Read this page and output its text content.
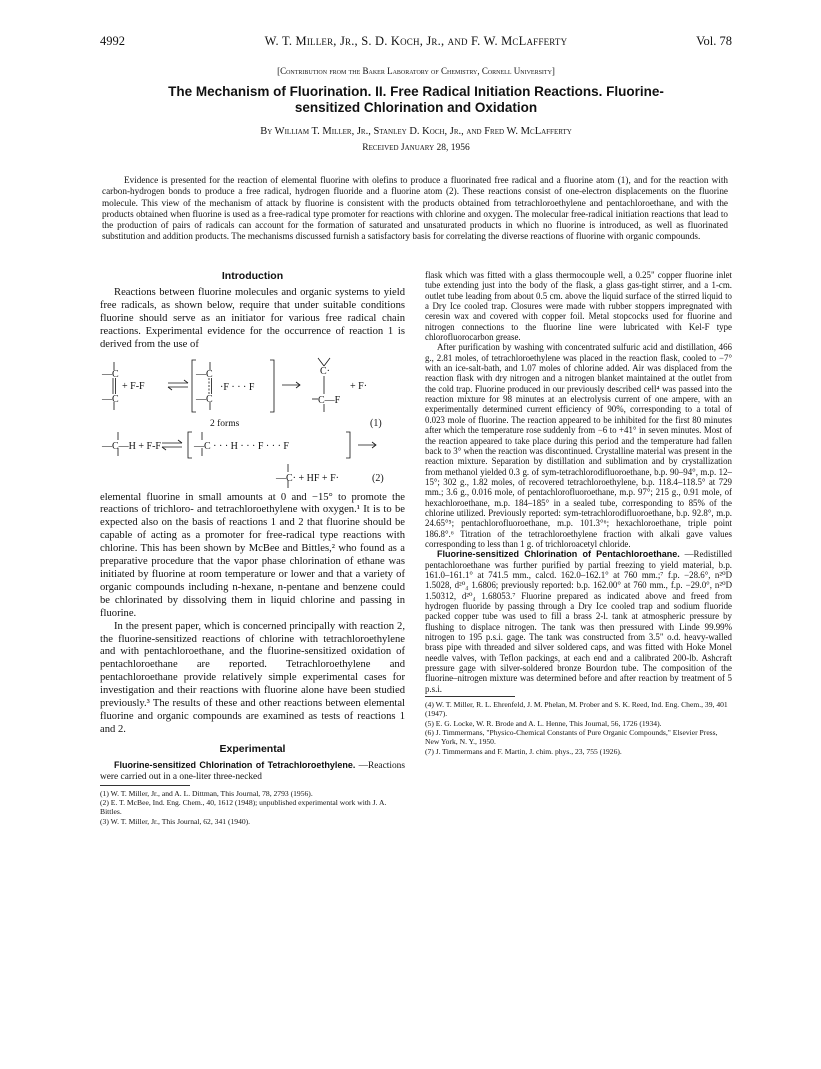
4992	W. T. Miller, Jr., S. D. Koch, Jr., and F. W. McLafferty	Vol. 78
[Contribution from the Baker Laboratory of Chemistry, Cornell University]
The Mechanism of Fluorination. II. Free Radical Initiation Reactions. Fluorine-
sensitized Chlorination and Oxidation
By William T. Miller, Jr., Stanley D. Koch, Jr., and Fred W. McLafferty
Received January 28, 1956

Evidence is presented for the reaction of elemental fluorine with olefins to produce a fluorinated free radical and a fluorine atom (1), and for the reaction with carbon-hydrogen bonds to produce a free radical, hydrogen fluoride and a fluorine atom (2). These reactions consist of one-electron displacements on the fluorine molecule. This view of the mechanism of attack by fluorine is consistent with the products obtained from tetrachloroethylene and pentachloroethane, and with the products obtained when fluorine is used as a free-radical type promoter for reactions with chlorine and oxygen. The molecular free-radical initiation reactions that lead to the production of pairs of radicals can account for the formation of saturated and unsaturated products in which no fluorine is introduced, as well as fluorinated substitution and addition products. The mechanisms discussed furnish a satisfactory basis for correlating the diverse reactions of fluorine with organic compounds.

Introduction

Reactions between fluorine molecules and organic systems to yield free radicals, as shown below, require that under suitable conditions fluorine should serve as an initiator for various free radical chain reactions. Experimental evidence for the occurrence of reaction 1 is derived from the use of

—C
—C
+ F-F
—C
—C
·F · · · F
C·
C—F
+ F·
2 forms	(1)
—C—H + F-F	—C · · · H · · · F · · · F
—C· + HF + F·	(2)

elemental fluorine in small amounts at 0 and −15° to promote the reactions of trichloro- and tetrachloroethylene with oxygen.¹ It is to be expected also on the basis of reactions 1 and 2 that fluorine should be capable of acting as a promoter for free-radical type reactions with chlorine. This has been shown by McBee and Bittles,² who found as a preparative procedure that the vapor phase chlorination of ethane was initiated by fluorine at room temperature or lower and that a variety of organic compounds including n-hexane, n-pentane and benzene could be chlorinated by dissolving them in liquid chlorine and passing in fluorine.

In the present paper, which is concerned principally with reaction 2, the fluorine-sensitized reactions of chlorine with tetrachloroethylene and with pentachloroethane, and the fluorine-sensitized oxidation of pentachloroethane are reported. Tetrachloroethylene and pentachloroethane provide relatively simple experimental cases for investigation and their reactions with fluorine alone have been studied previously.³ The results of these and other reactions between elemental fluorine and organic compounds are examined as tests of reactions 1 and 2.

Experimental

Fluorine-sensitized Chlorination of Tetrachloroethylene. —Reactions were carried out in a one-liter three-necked

(1) W. T. Miller, Jr., and A. L. Dittman, This Journal, 78, 2793 (1956).

(2) E. T. McBee, Ind. Eng. Chem., 40, 1612 (1948); unpublished experimental work with J. A. Bittles.

(3) W. T. Miller, Jr., This Journal, 62, 341 (1940).

flask which was fitted with a glass thermocouple well, a 0.25" copper fluorine inlet tube extending just into the body of the flask, a glass gas-tight stirrer, and a 1-cm. outlet tube leading from about 0.5 cm. above the liquid surface of the stirred liquid to a Dry Ice cooled trap. Closures were made with rubber stoppers impregnated with ceresin wax and covered with copper foil. Metal stopcocks used for fluorine and nitrogen connections to the fluorine line were lubricated with Kel-F type chlorofluorocarbon grease.

After purification by washing with concentrated sulfuric acid and distillation, 466 g., 2.81 moles, of tetrachloroethylene was placed in the reaction flask, cooled to −7° with an ice-salt-bath, and 1.07 moles of chlorine added. Air was displaced from the reaction flask with dry nitrogen and a nitrogen blanket maintained at the outlet from the cold trap. Fluorine produced in our previously described cell⁴ was passed into the reaction mixture for 98 minutes at an electrolysis current of one ampere, with an experimentally determined current efficiency of 90%, corresponding to a total of 0.023 mole of fluorine. The reaction appeared to be inhibited for the first 80 minutes after which the temperature rose suddenly from −6 to +41° in seven minutes. Most of the reaction appeared to take place during this period and the temperature had fallen back to 3° when the reaction was discontinued. Crystalline material was present in the reaction mixture. Separation by distillation and sublimation and by crystallization from methanol yielded 0.3 g. of sym-tetrachlorodifluoroethane, b.p. 90–94°, m.p. 12–15°; 302 g., 1.82 moles, of recovered tetrachloroethylene, b.p. 118.4–118.5° at 729 mm.; 3.6 g., 0.016 mole, of pentachlorofluoroethane, m.p. 97°; 215 g., 0.91 mole, of hexachloroethane, m.p. 184–185° in a sealed tube, corresponding to 85% of the chlorine utilized. Previously reported: sym-tetrachlorodifluoroethane, b.p. 92.8°, m.p. 24.65°⁵; pentachlorofluoroethane, m.p. 101.3°⁶; hexachloroethane, triple point 186.8°.⁶ Titration of the tetrachloroethylene fraction with alkali gave values corresponding to less than 1 g. of trichloroacetyl chloride.

Fluorine-sensitized Chlorination of Pentachloroethane. —Redistilled pentachloroethane was further purified by partial freezing to yield material, b.p. 161.0–161.1° at 741.5 mm., calcd. 162.0–162.1° at 760 mm.;⁷ f.p. −28.6°, n²⁰D 1.5028, d²⁰₄ 1.6806; previously reported: b.p. 162.00° at 760 mm., f.p. −29.0°, n²⁰D 1.50312, d²⁰₄ 1.68053.⁷ Fluorine prepared as indicated above and freed from hydrogen fluoride by passing through a Dry Ice cooled trap and sodium fluoride packed copper tube was used to fill a brass 2-l. tank at atmospheric pressure by flushing to displace nitrogen. The tank was then pressured with Linde 99.99% nitrogen to 195 p.s.i. gage. The tank was constructed from 3.5" o.d. heavy-walled brass pipe with threaded and silver soldered caps, and was fitted with Hoke Monel needle valves, with Teflon packings, at each end and a calibrated 200-lb. Ashcraft pressure gage with silver-soldered bronze Bourdon tube. The composition of the fluorine–nitrogen mixture was determined before and after reaction by treatment of 5 p.s.i.

(4) W. T. Miller, R. L. Ehrenfeld, J. M. Phelan, M. Prober and S. K. Reed, Ind. Eng. Chem., 39, 401 (1947).

(5) E. G. Locke, W. R. Brode and A. L. Henne, This Journal, 56, 1726 (1934).

(6) J. Timmermans, "Physico-Chemical Constants of Pure Organic Compounds," Elsevier Press, New York, N. Y., 1950.

(7) J. Timmermans and F. Martin, J. chim. phys., 23, 755 (1926).
